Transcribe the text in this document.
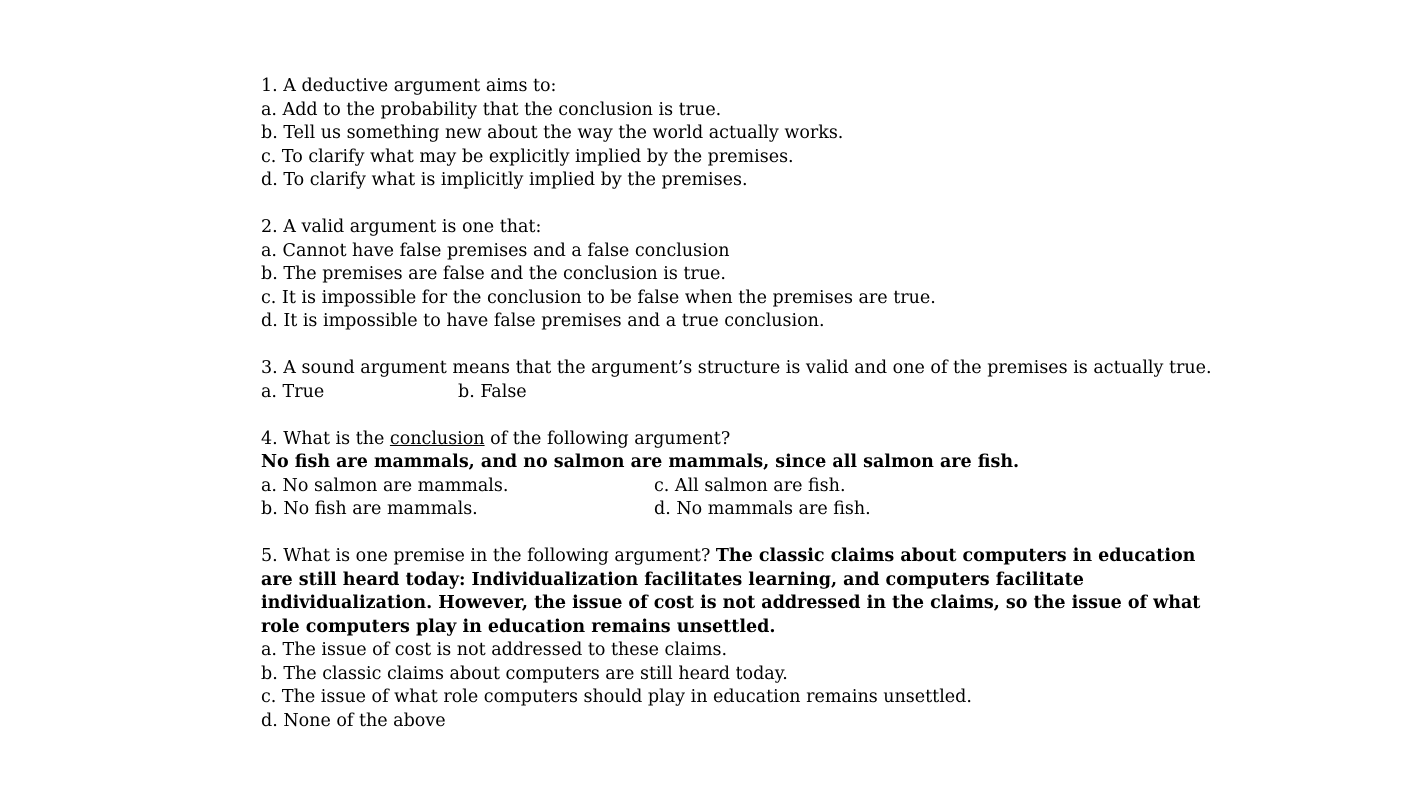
1. A deductive argument aims to:
a. Add to the probability that the conclusion is true.
b. Tell us something new about the way the world actually works.
c. To clarify what may be explicitly implied by the premises.
d. To clarify what is implicitly implied by the premises.
2. A valid argument is one that:
a. Cannot have false premises and a false conclusion
b. The premises are false and the conclusion is true.
c. It is impossible for the conclusion to be false when the premises are true.
d. It is impossible to have false premises and a true conclusion.
3. A sound argument means that the argument’s structure is valid and one of the premises is actually true.
a. True	b. False
4. What is the conclusion of the following argument?
No fish are mammals, and no salmon are mammals, since all salmon are fish.
a. No salmon are mammals.	c. All salmon are fish.
b. No fish are mammals.	d. No mammals are fish.
5. What is one premise in the following argument? The classic claims about computers in education are still heard today: Individualization facilitates learning, and computers facilitate individualization. However, the issue of cost is not addressed in the claims, so the issue of what role computers play in education remains unsettled.
a. The issue of cost is not addressed to these claims.
b. The classic claims about computers are still heard today.
c. The issue of what role computers should play in education remains unsettled.
d. None of the above
